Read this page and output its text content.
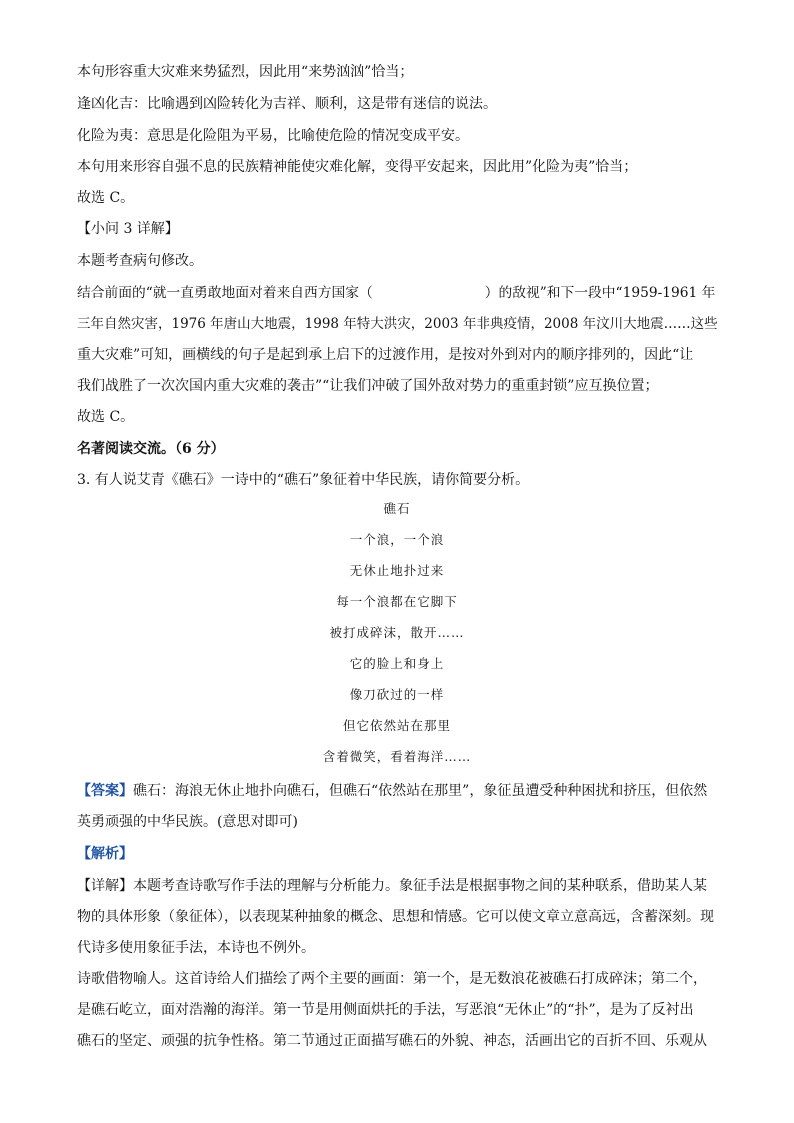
本句形容重大灾难来势猛烈，因此用“来势汹汹”恰当；
逢凶化吉：比喻遇到凶险转化为吉祥、顺利，这是带有迷信的说法。
化险为夷：意思是化险阻为平易，比喻使危险的情况变成平安。
本句用来形容自强不息的民族精神能使灾难化解，变得平安起来，因此用”化险为夷”恰当；
故选 C。
【小问 3 详解】
本题考查病句修改。
结合前面的“就一直勇敢地面对着来自西方国家（	）的敌视”和下一段中“1959-1961 年
三年自然灾害，1976 年唐山大地震，1998 年特大洪灾，2003 年非典疫情，2008 年汶川大地震……这些
重大灾难”可知，画横线的句子是起到承上启下的过渡作用，是按对外到对内的顺序排列的，因此“让
我们战胜了一次次国内重大灾难的袭击”“让我们冲破了国外敌对势力的重重封锁”应互换位置；
故选 C。
名著阅读交流。（6 分）
3. 有人说艾青《礁石》一诗中的“礁石”象征着中华民族，请你简要分析。
礁石
一个浪，一个浪
无休止地扑过来
每一个浪都在它脚下
被打成碎沫，散开……
它的脸上和身上
像刀砍过的一样
但它依然站在那里
含着微笑，看着海洋……
【答案】礁石：海浪无休止地扑向礁石，但礁石“依然站在那里”，象征虽遭受种种困扰和挤压，但依然
英勇顽强的中华民族。(意思对即可)
【解析】
【详解】本题考查诗歌写作手法的理解与分析能力。象征手法是根据事物之间的某种联系，借助某人某
物的具体形象（象征体），以表现某种抽象的概念、思想和情感。它可以使文章立意高远，含蓄深刻。现
代诗多使用象征手法，本诗也不例外。
诗歌借物喻人。这首诗给人们描绘了两个主要的画面：第一个，是无数浪花被礁石打成碎沫；第二个，
是礁石屹立，面对浩瀚的海洋。第一节是用侧面烘托的手法，写恶浪“无休止”的“扑”，是为了反衬出
礁石的坚定、顽强的抗争性格。第二节通过正面描写礁石的外貌、神态，活画出它的百折不回、乐观从
